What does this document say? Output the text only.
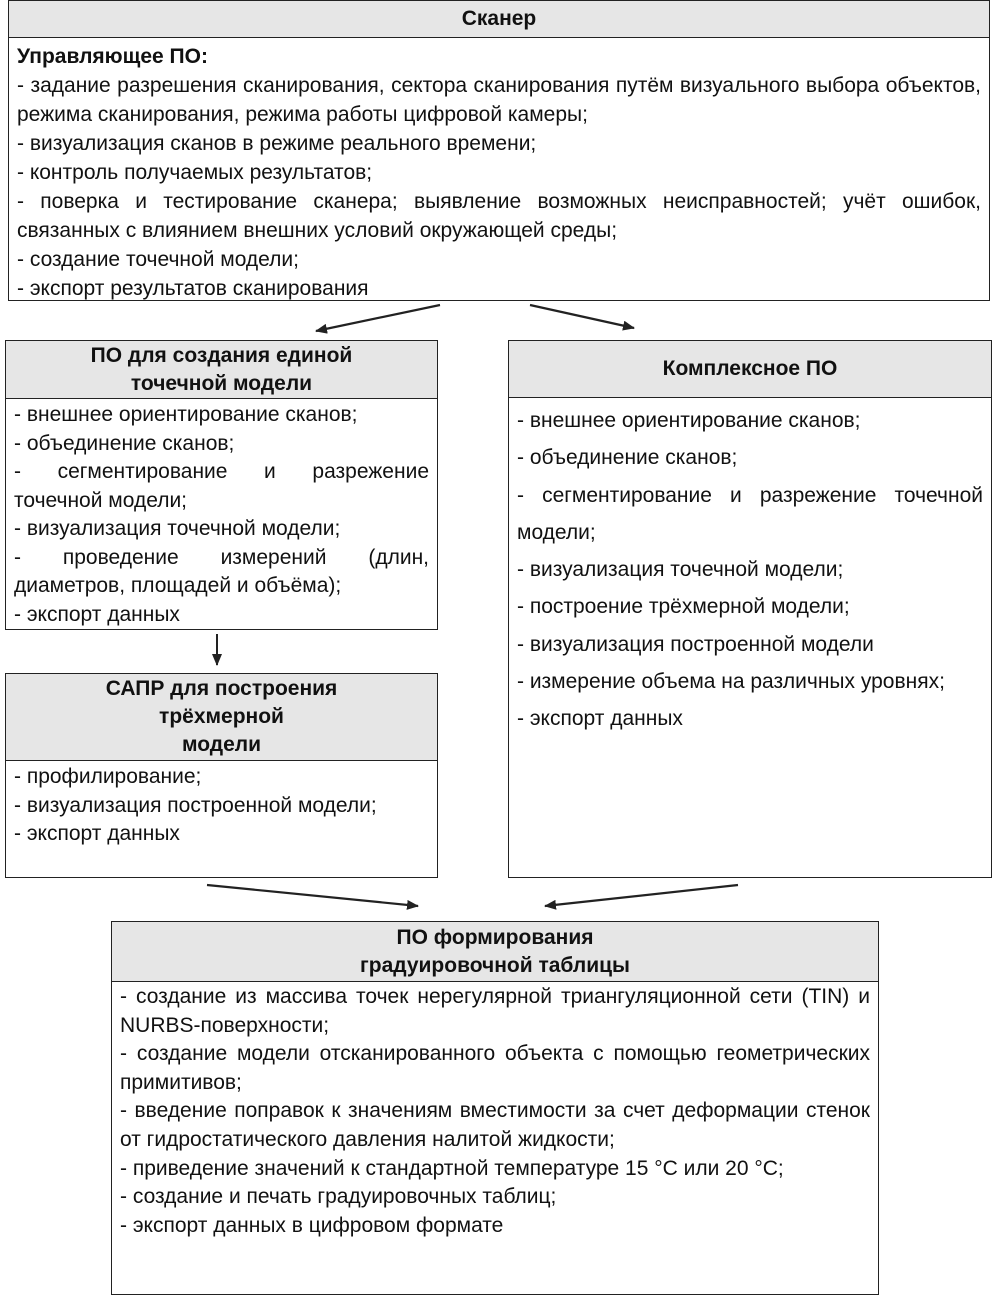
Сканер
Управляющее ПО:
- задание разрешения сканирования, сектора сканирования путём визуального выбора объектов, режима сканирования, режима работы цифровой камеры;
- визуализация сканов в режиме реального времени;
- контроль получаемых результатов;
- поверка и тестирование сканера; выявление возможных неисправностей; учёт ошибок, связанных с влиянием внешних условий окружающей среды;
- создание точечной модели;
- экспорт результатов сканирования
ПО для создания единой
точечной модели
- внешнее ориентирование сканов;
- объединение сканов;
- сегментирование и разрежение точечной модели;
- визуализация точечной модели;
- проведение измерений (длин, диаметров, площадей и объёма);
- экспорт данных
САПР для построения
трёхмерной
модели
- профилирование;
- визуализация построенной модели;
- экспорт данных
Комплексное ПО
- внешнее ориентирование сканов;
- объединение сканов;
- сегментирование и разрежение точечной модели;
- визуализация точечной модели;
- построение трёхмерной модели;
- визуализация построенной модели
- измерение объема на различных уровнях;
- экспорт данных
ПО формирования
градуировочной таблицы
- создание из массива точек нерегулярной триангуляционной сети (TIN) и NURBS-поверхности;
- создание модели отсканированного объекта с помощью геометрических примитивов;
- введение поправок к значениям вместимости за счет деформации стенок от гидростатического давления налитой жидкости;
- приведение значений к стандартной температуре 15 °С или 20 °С;
- создание и печать градуировочных таблиц;
- экспорт данных в цифровом формате
